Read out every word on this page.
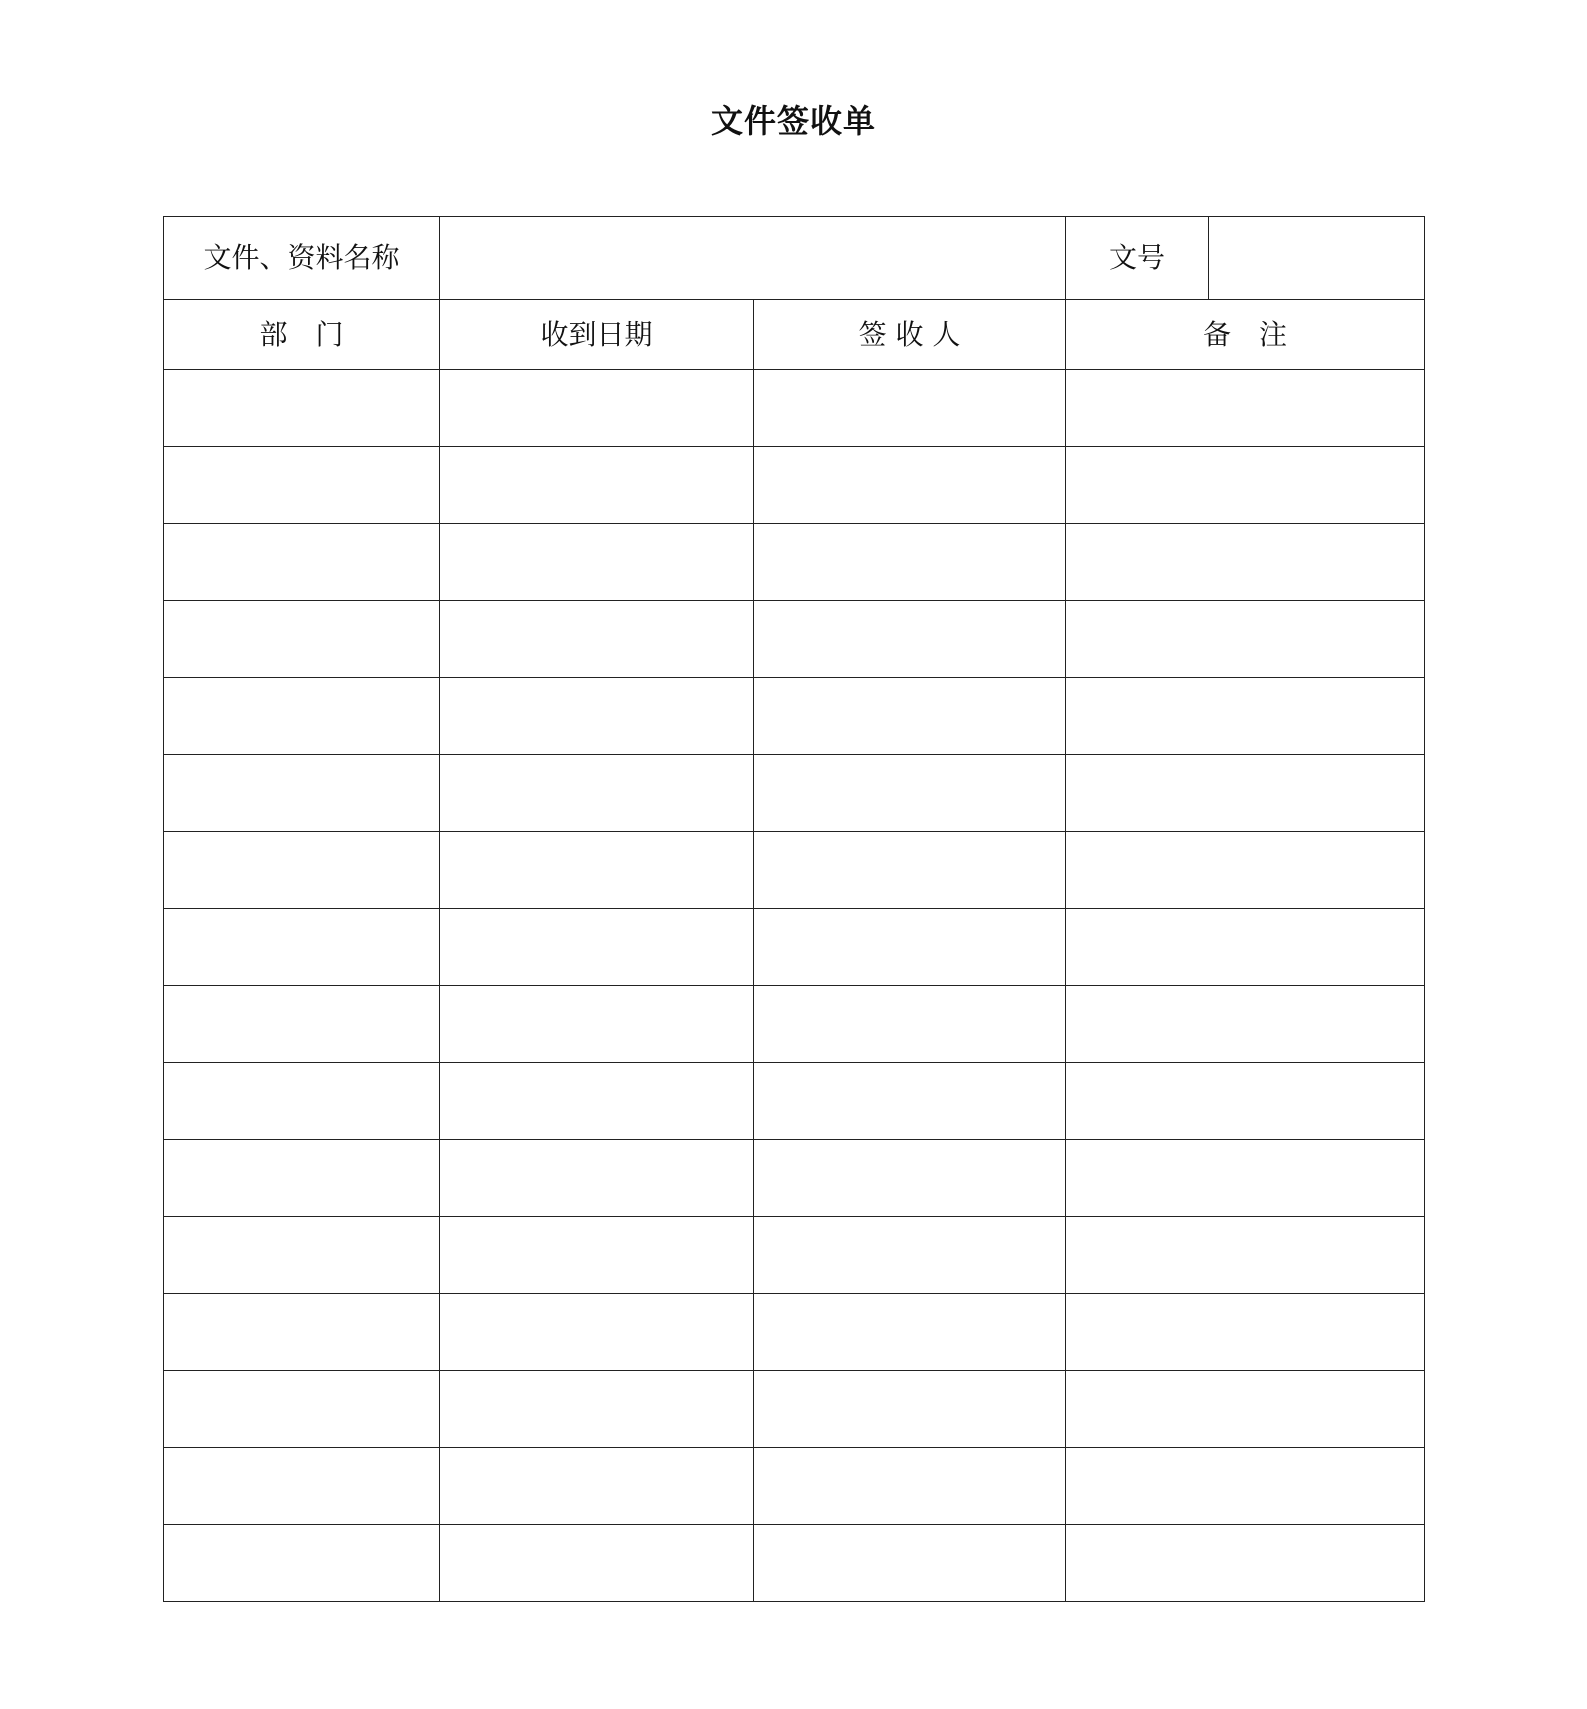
文件签收单
文件、资料名称			文号	
部　门	收到日期	签 收 人	备　注	
